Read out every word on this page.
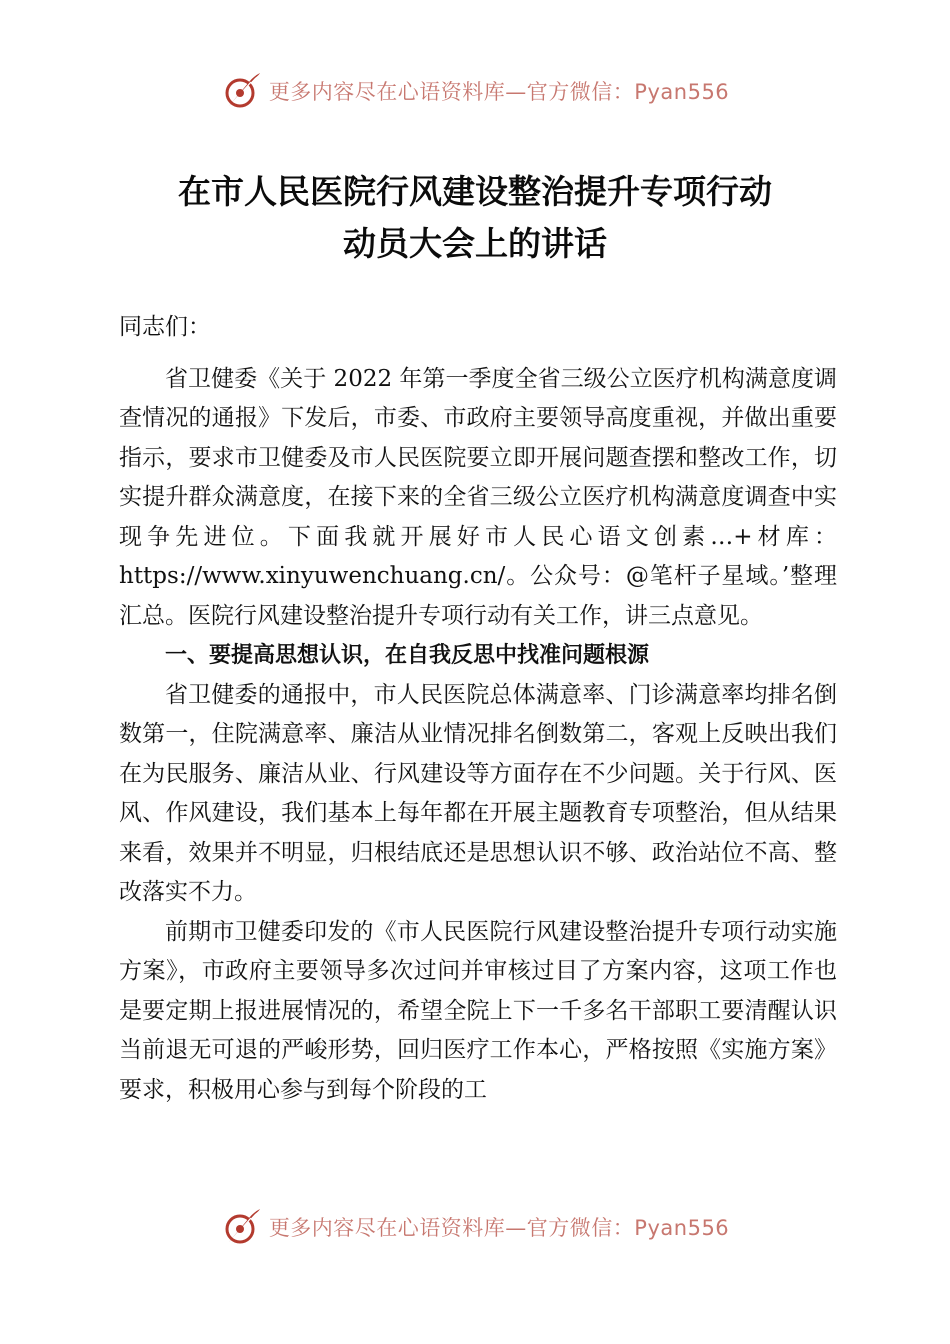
更多内容尽在心语资料库—官方微信：Pyan556
在市人民医院行风建设整治提升专项行动
动员大会上的讲话

同志们：

省卫健委《关于 2022 年第一季度全省三级公立医疗机构满意度调查情况的通报》下发后，市委、市政府主要领导高度重视，并做出重要指示，要求市卫健委及市人民医院要立即开展问题查摆和整改工作，切实提升群众满意度，在接下来的全省三级公立医疗机构满意度调查中实现争先进位。下面我就开展好市人民心语文创素…+材库：https://www.xinyuwenchuang.cn/。公众号：@笔杆子星域。’整理汇总。医院行风建设整治提升专项行动有关工作，讲三点意见。

一、要提高思想认识，在自我反思中找准问题根源

省卫健委的通报中，市人民医院总体满意率、门诊满意率均排名倒数第一，住院满意率、廉洁从业情况排名倒数第二，客观上反映出我们在为民服务、廉洁从业、行风建设等方面存在不少问题。关于行风、医风、作风建设，我们基本上每年都在开展主题教育专项整治，但从结果来看，效果并不明显，归根结底还是思想认识不够、政治站位不高、整改落实不力。

前期市卫健委印发的《市人民医院行风建设整治提升专项行动实施方案》，市政府主要领导多次过问并审核过目了方案内容，这项工作也是要定期上报进展情况的，希望全院上下一千多名干部职工要清醒认识当前退无可退的严峻形势，回归医疗工作本心，严格按照《实施方案》要求，积极用心参与到每个阶段的工

更多内容尽在心语资料库—官方微信：Pyan556
